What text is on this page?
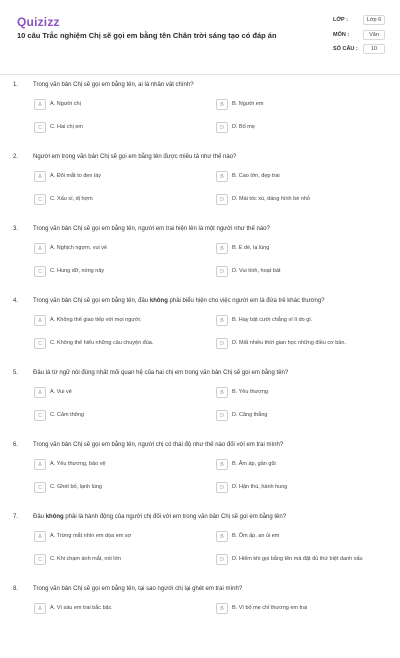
Quizizz
10 câu Trắc nghiệm Chị sẽ gọi em bằng tên Chân trời sáng tạo có đáp án
LỚP :	Lớp 6
MÔN :	Văn
SỐ CÂU :	10
1. Trong văn bản Chị sẽ gọi em bằng tên, ai là nhân vật chính?
A	A. Người chị	B	B. Người em
C	C. Hai chị em	D	D. Bố mẹ
2. Người em trong văn bản Chị sẽ gọi em bằng tên được miêu tả như thế nào?
A	A. Đôi mắt to đen láy	B	B. Cao lớn, đẹp trai
C	C. Xấu xí, dị hợm	D	D. Mái tóc xù, dáng hình bé nhỏ
3. Trong văn bản Chị sẽ gọi em bằng tên, người em trai hiện lên là một người như thế nào?
A	A. Nghịch ngợm, vui vẻ	B	B. E dè, lạ lùng
C	C. Hung dữ, nóng nảy	D	D. Vui tính, hoạt bát
4. Trong văn bản Chị sẽ gọi em bằng tên, đâu không phải biểu hiện cho việc người em là đứa trẻ khác thường?
A	A. Không thể giao tiếp với mọi người.	B	B. Hay bật cười chẳng vì lí do gì.
C	C. Không thể hiểu những câu chuyện đùa.	D	D. Mất nhiều thời gian học những điều cơ bản.
5. Đâu là từ ngữ nói đúng nhất mối quan hệ của hai chị em trong văn bản Chị sẽ gọi em bằng tên?
A	A. Vui vẻ	B	B. Yêu thương
C	C. Cảm thông	D	D. Căng thẳng
6. Trong văn bản Chị sẽ gọi em bằng tên, người chị có thái độ như thế nào đối với em trai mình?
A	A. Yêu thương, bảo vệ	B	B. Ấm áp, gần gũi
C	C. Ghét bỏ, lạnh lùng	D	D. Hận thù, hành hung
7. Đâu không phải là hành động của người chị đối với em trong văn bản Chị sẽ gọi em bằng tên?
A	A. Trừng mắt nhìn em dọa em sợ	B	B. Ôm ấp, an ủi em
C	C. Khi chạm ánh mắt, nói lớn	D	D. Hiểm khi gọi bằng tên mà đặt đủ thứ biệt danh xấu
8. Trong văn bản Chị sẽ gọi em bằng tên, tại sao người chị lại ghét em trai mình?
A	A. Vì sáu em trai bắc bậc	B	B. Vì bố mẹ chỉ thương em trai
